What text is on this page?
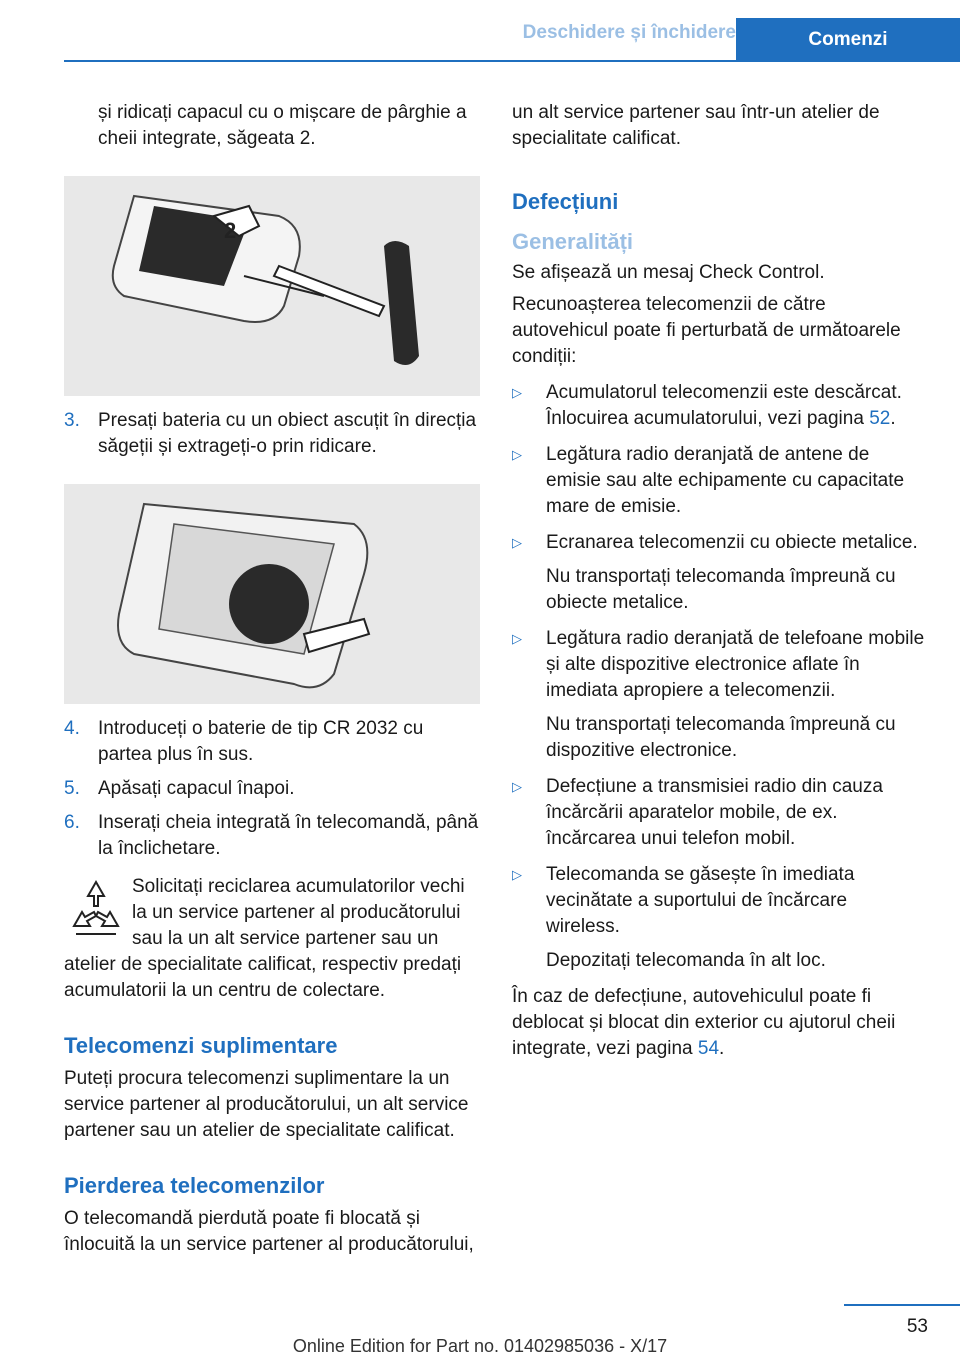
Deschidere și închidere	Comenzi

și ridicați capacul cu o mișcare de pârghie a cheii integrate, săgeata 2.

2
3. Presați bateria cu un obiect ascuțit în direcția săgeții și extrageți-o prin ridicare.
4. Introduceți o baterie de tip CR 2032 cu partea plus în sus.
5. Apăsați capacul înapoi.
6. Inserați cheia integrată în telecomandă, până la înclichetare.
Solicitați reciclarea acumulatorilor vechi la un service partener al producătorului sau la un alt service partener sau un atelier de specialitate calificat, respectiv predați acumulatorii la un centru de colectare.
Telecomenzi suplimentare

Puteți procura telecomenzi suplimentare la un service partener al producătorului, un alt service partener sau un atelier de specialitate calificat.

Pierderea telecomenzilor

O telecomandă pierdută poate fi blocată și înlocuită la un service partener al producătorului,

un alt service partener sau într-un atelier de specialitate calificat.

Defecțiuni
Generalități

Se afișează un mesaj Check Control.

Recunoașterea telecomenzii de către autovehicul poate fi perturbată de următoarele condiții:

▷	Acumulatorul telecomenzii este descărcat. Înlocuirea acumulatorului, vezi pagina 52.
▷	Legătura radio deranjată de antene de emisie sau alte echipamente cu capacitate mare de emisie.
▷	Ecranarea telecomenzii cu obiecte metalice.
Nu transportați telecomanda împreună cu obiecte metalice.
▷	Legătura radio deranjată de telefoane mobile și alte dispozitive electronice aflate în imediata apropiere a telecomenzii.
Nu transportați telecomanda împreună cu dispozitive electronice.
▷	Defecțiune a transmisiei radio din cauza încărcării aparatelor mobile, de ex. încărcarea unui telefon mobil.
▷	Telecomanda se găsește în imediata vecinătate a suportului de încărcare wireless.
Depozitați telecomanda în alt loc.

În caz de defecțiune, autovehiculul poate fi deblocat și blocat din exterior cu ajutorul cheii integrate, vezi pagina 54.

53
Online Edition for Part no. 01402985036 - X/17
